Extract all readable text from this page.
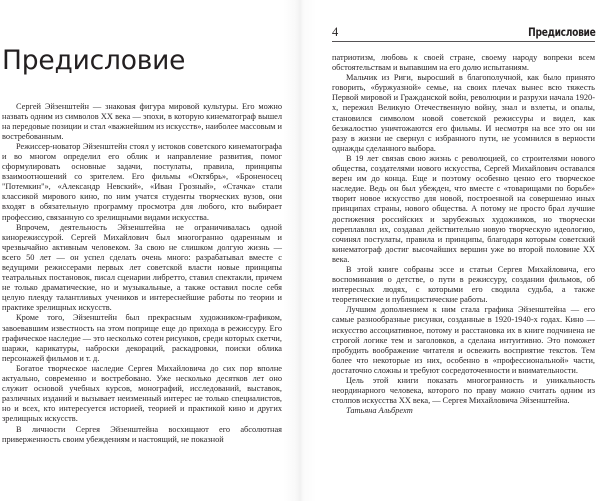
Предисловие

Сергей Эйзенштейн — знаковая фигура мировой культуры. Его можно назвать одним из символов XX века — эпохи, в которую кинематограф вышел на передовые позиции и стал «важнейшим из искусств», наиболее массовым и востребованным.

Режиссер-новатор Эйзенштейн стоял у истоков советского кинематографа и во многом определил его облик и направление развития, помог сформулировать основные задачи, постулаты, правила, принципы взаимоотношений со зрителем. Его фильмы «Октябрь», «Броненосец "Потемкин"», «Александр Невский», «Иван Грозный», «Стачка» стали классикой мирового кино, по ним учатся студенты творческих вузов, они входят в обязательную программу просмотра для любого, кто выбирает профессию, связанную со зрелищными видами искусства.

Впрочем, деятельность Эйзенштейна не ограничивалась одной кинорежиссурой. Сергей Михайлович был многогранно одаренным и чрезвычайно активным человеком. За свою не слишком долгую жизнь — всего 50 лет — он успел сделать очень много: разрабатывал вместе с ведущими режиссерами первых лет советской власти новые принципы театральных постановок, писал сценарии либретто, ставил спектакли, причем не только драматические, но и музыкальные, а также оставил после себя целую плеяду талантливых учеников и интереснейшие работы по теории и практике зрелищных искусств.

Кроме того, Эйзенштейн был прекрасным художником-графиком, завоевавшим известность на этом поприще еще до прихода в режиссуру. Его графическое наследие — это несколько сотен рисунков, среди которых скетчи, шаржи, карикатуры, наброски декораций, раскадровки, поиски облика персонажей фильмов и т. д.

Богатое творческое наследие Сергея Михайловича до сих пор вполне актуально, современно и востребовано. Уже несколько десятков лет оно служит основой учебных курсов, монографий, исследований, выставок, различных изданий и вызывает неизменный интерес не только специалистов, но и всех, кто интересуется историей, теорией и практикой кино и других зрелищных искусств.

В личности Сергея Эйзенштейна восхищают его абсолютная приверженность своим убеждениям и настоящий, не показной

4	Предисловие

патриотизм, любовь к своей стране, своему народу вопреки всем обстоятельствам и выпавшим на его долю испытаниям.

Мальчик из Риги, выросший в благополучной, как было принято говорить, «буржуазной» семье, на своих плечах вынес всю тяжесть Первой мировой и Гражданской войн, революции и разрухи начала 1920-х, пережил Великую Отечественную войну, знал и взлеты, и опалы, становился символом новой советской режиссуры и видел, как безжалостно уничтожаются его фильмы. И несмотря на все это он ни разу в жизни не свернул с избранного пути, не усомнился в верности однажды сделанного выбора.

В 19 лет связав свою жизнь с революцией, со строителями нового общества, создателями нового искусства, Сергей Михайлович оставался верен им до конца. Еще и поэтому особенно ценно его творческое наследие. Ведь он был убежден, что вместе с «товарищами по борьбе» творит новое искусство для новой, построенной на совершенно иных принципах страны, нового общества. А потому не просто брал лучшие достижения российских и зарубежных художников, но творчески переплавлял их, создавал действительно новую творческую идеологию, сочинял постулаты, правила и принципы, благодаря которым советский кинематограф достиг высочайших вершин уже во второй половине XX века.

В этой книге собраны эссе и статьи Сергея Михайловича, его воспоминания о детстве, о пути в режиссуру, создании фильмов, об интересных людях, с которыми его сводила судьба, а также теоретические и публицистические работы.

Лучшим дополнением к ним стала графика Эйзенштейна — его самые разнообразные рисунки, созданные в 1920-1940-х годах. Кино — искусство ассоциативное, потому и расстановка их в книге подчинена не строгой логике тем и заголовков, а сделана интуитивно. Это поможет пробудить воображение читателя и освежить восприятие текстов. Тем более что некоторые из них, особенно в «профессиональной» части, достаточно сложны и требуют сосредоточенности и внимательности.

Цель этой книги показать многогранность и уникальность неординарного человека, которого по праву можно считать одним из столпов искусства XX века, — Сергея Михайловича Эйзенштейна.

Татьяна Альбрехт
